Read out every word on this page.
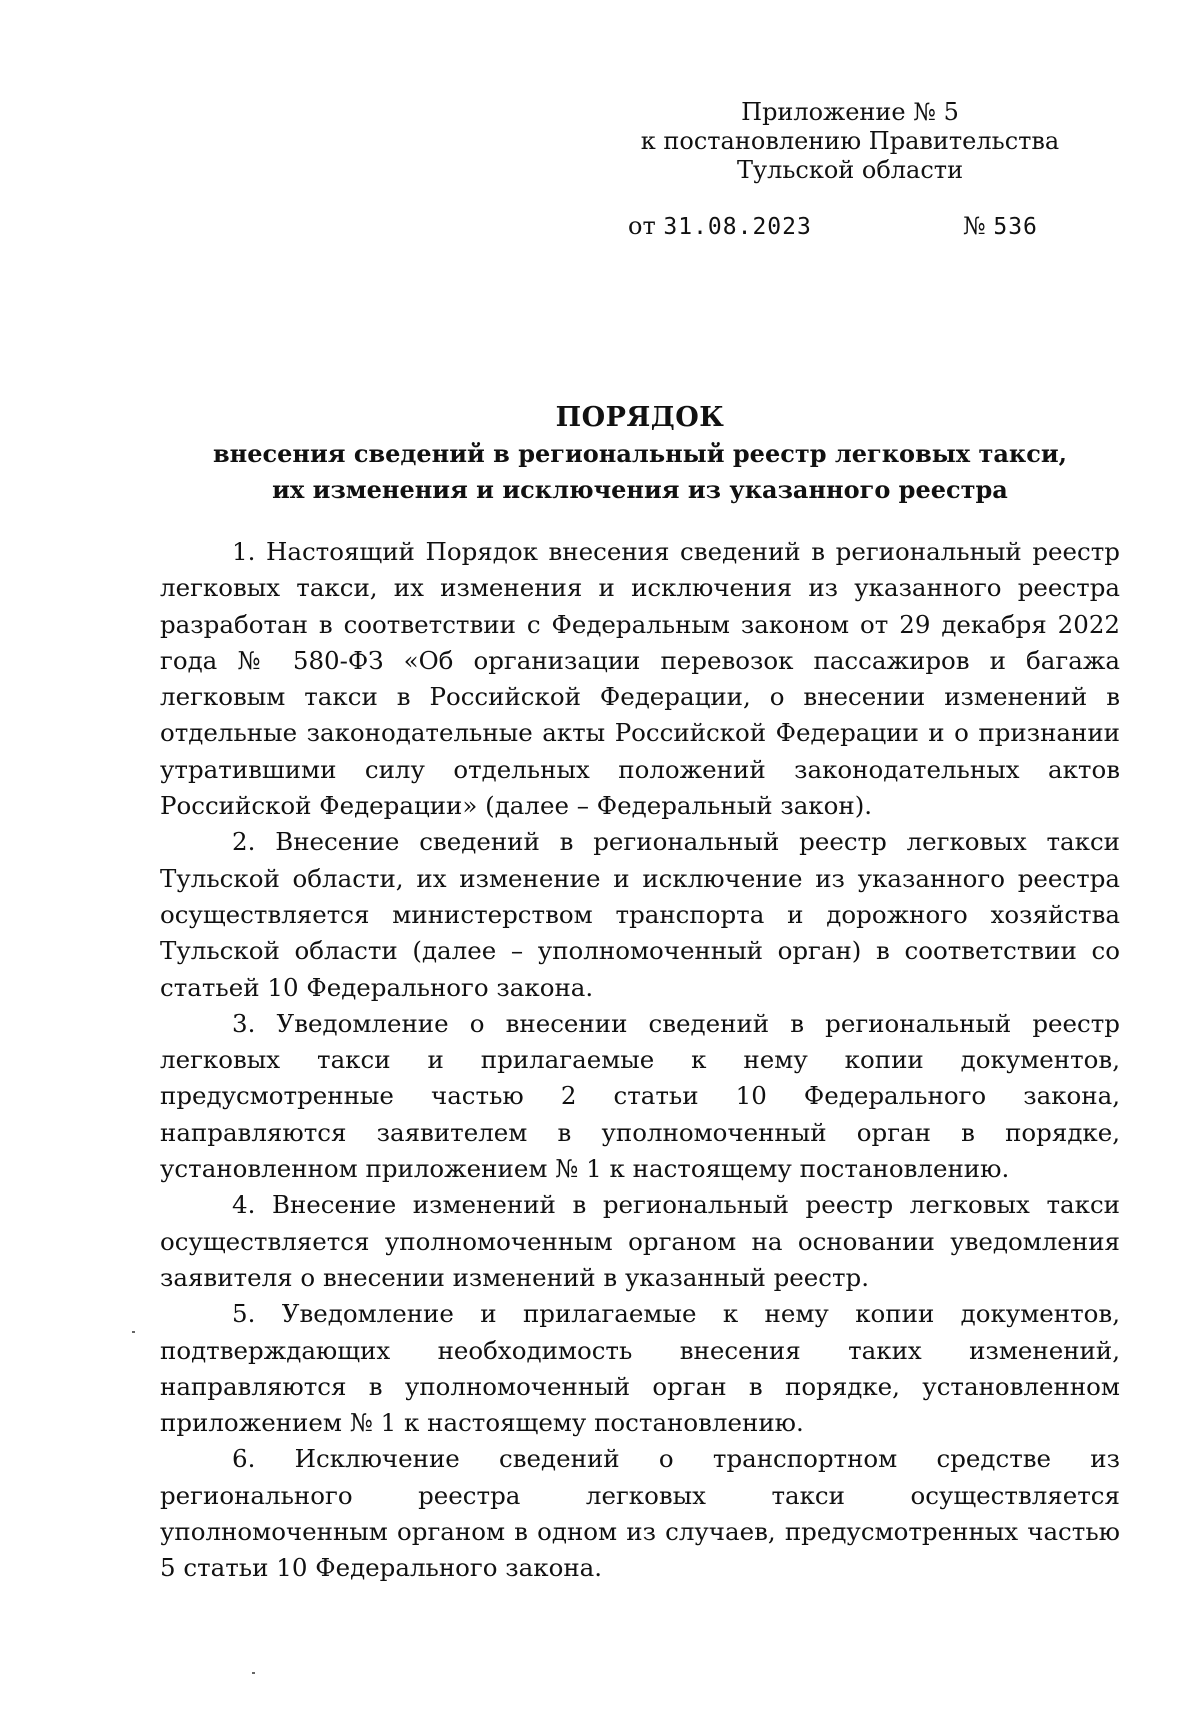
Приложение № 5
к постановлению Правительства
Тульской области
от 31.08.2023	№ 536
ПОРЯДОК
внесения сведений в региональный реестр легковых такси,
их изменения и исключения из указанного реестра

1. Настоящий Порядок внесения сведений в региональный реестр легковых такси, их изменения и исключения из указанного реестра разработан в соответствии с Федеральным законом от 29 декабря 2022 года № 580-ФЗ «Об организации перевозок пассажиров и багажа легковым такси в Российской Федерации, о внесении изменений в отдельные законодательные акты Российской Федерации и о признании утратившими силу отдельных положений законодательных актов Российской Федерации» (далее – Федеральный закон).

2. Внесение сведений в региональный реестр легковых такси Тульской области, их изменение и исключение из указанного реестра осуществляется министерством транспорта и дорожного хозяйства Тульской области (далее – уполномоченный орган) в соответствии со статьей 10 Федерального закона.

3. Уведомление о внесении сведений в региональный реестр легковых такси и прилагаемые к нему копии документов, предусмотренные частью 2 статьи 10 Федерального закона, направляются заявителем в уполномоченный орган в порядке, установленном приложением № 1 к настоящему постановлению.

4. Внесение изменений в региональный реестр легковых такси осуществляется уполномоченным органом на основании уведомления заявителя о внесении изменений в указанный реестр.

5. Уведомление и прилагаемые к нему копии документов, подтверждающих необходимость внесения таких изменений, направляются в уполномоченный орган в порядке, установленном приложением № 1 к настоящему постановлению.

6. Исключение сведений о транспортном средстве из регионального реестра легковых такси осуществляется уполномоченным органом в одном из случаев, предусмотренных частью 5 статьи 10 Федерального закона.
